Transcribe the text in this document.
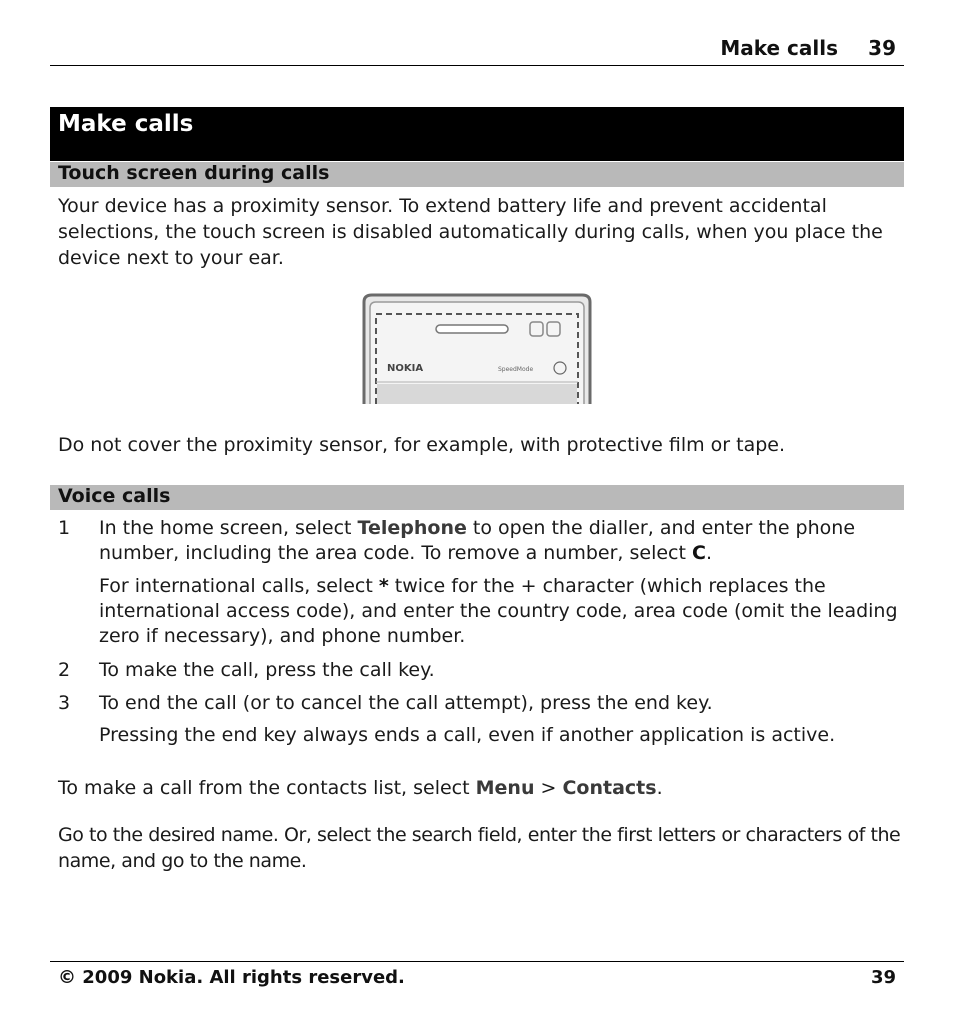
Make calls 39
Make calls
Touch screen during calls

Your device has a proximity sensor. To extend battery life and prevent accidental selections, the touch screen is disabled automatically during calls, when you place the device next to your ear.

NOKIA	SpeedMode

Do not cover the proximity sensor, for example, with protective film or tape.

Voice calls
1 In the home screen, select Telephone to open the dialler, and enter the phone number, including the area code. To remove a number, select C.
For international calls, select * twice for the + character (which replaces the international access code), and enter the country code, area code (omit the leading zero if necessary), and phone number.
2 To make the call, press the call key.
3 To end the call (or to cancel the call attempt), press the end key.
Pressing the end key always ends a call, even if another application is active.

To make a call from the contacts list, select Menu > Contacts.

Go to the desired name. Or, select the search field, enter the first letters or characters of the name, and go to the name.

© 2009 Nokia. All rights reserved.	39
